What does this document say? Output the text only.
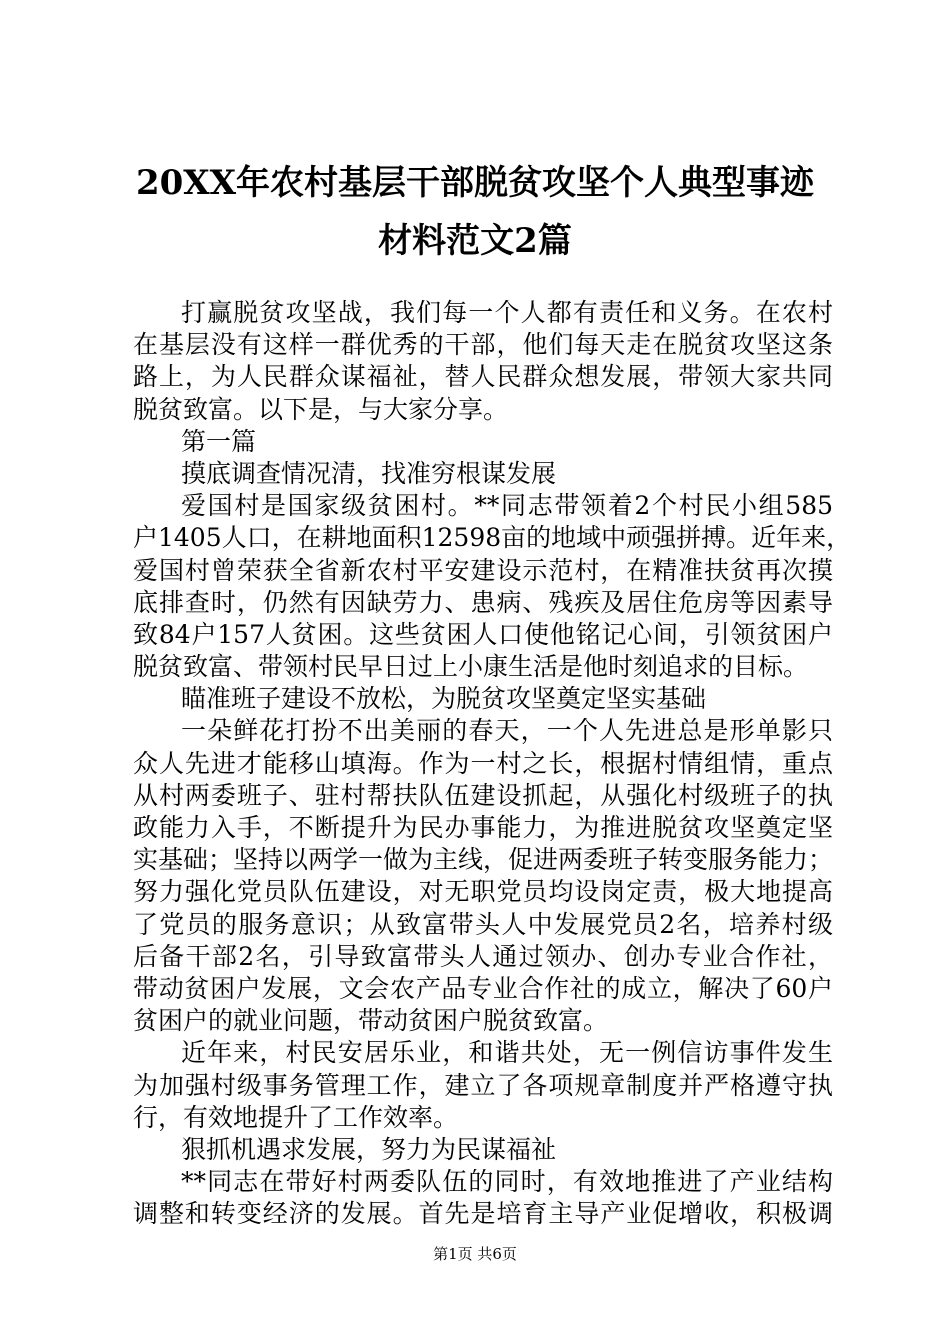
20XX年农村基层干部脱贫攻坚个人典型事迹
材料范文2篇
打赢脱贫攻坚战，我们每一个人都有责任和义务。在农村
在基层没有这样一群优秀的干部，他们每天走在脱贫攻坚这条
路上，为人民群众谋福祉，替人民群众想发展，带领大家共同
脱贫致富。以下是，与大家分享。
第一篇
摸底调查情况清，找准穷根谋发展
爱国村是国家级贫困村。**同志带领着2个村民小组585
户1405人口，在耕地面积12598亩的地域中顽强拼搏。近年来，
爱国村曾荣获全省新农村平安建设示范村，在精准扶贫再次摸
底排查时，仍然有因缺劳力、患病、残疾及居住危房等因素导
致84户157人贫困。这些贫困人口使他铭记心间，引领贫困户
脱贫致富、带领村民早日过上小康生活是他时刻追求的目标。
瞄准班子建设不放松，为脱贫攻坚奠定坚实基础
一朵鲜花打扮不出美丽的春天，一个人先进总是形单影只
众人先进才能移山填海。作为一村之长，根据村情组情，重点
从村两委班子、驻村帮扶队伍建设抓起，从强化村级班子的执
政能力入手，不断提升为民办事能力，为推进脱贫攻坚奠定坚
实基础；坚持以两学一做为主线，促进两委班子转变服务能力；
努力强化党员队伍建设，对无职党员均设岗定责，极大地提高
了党员的服务意识；从致富带头人中发展党员2名，培养村级
后备干部2名，引导致富带头人通过领办、创办专业合作社，
带动贫困户发展，文会农产品专业合作社的成立，解决了60户
贫困户的就业问题，带动贫困户脱贫致富。
近年来，村民安居乐业，和谐共处，无一例信访事件发生
为加强村级事务管理工作，建立了各项规章制度并严格遵守执
行，有效地提升了工作效率。
狠抓机遇求发展，努力为民谋福祉
**同志在带好村两委队伍的同时，有效地推进了产业结构
调整和转变经济的发展。首先是培育主导产业促增收，积极调
第1页 共6页
